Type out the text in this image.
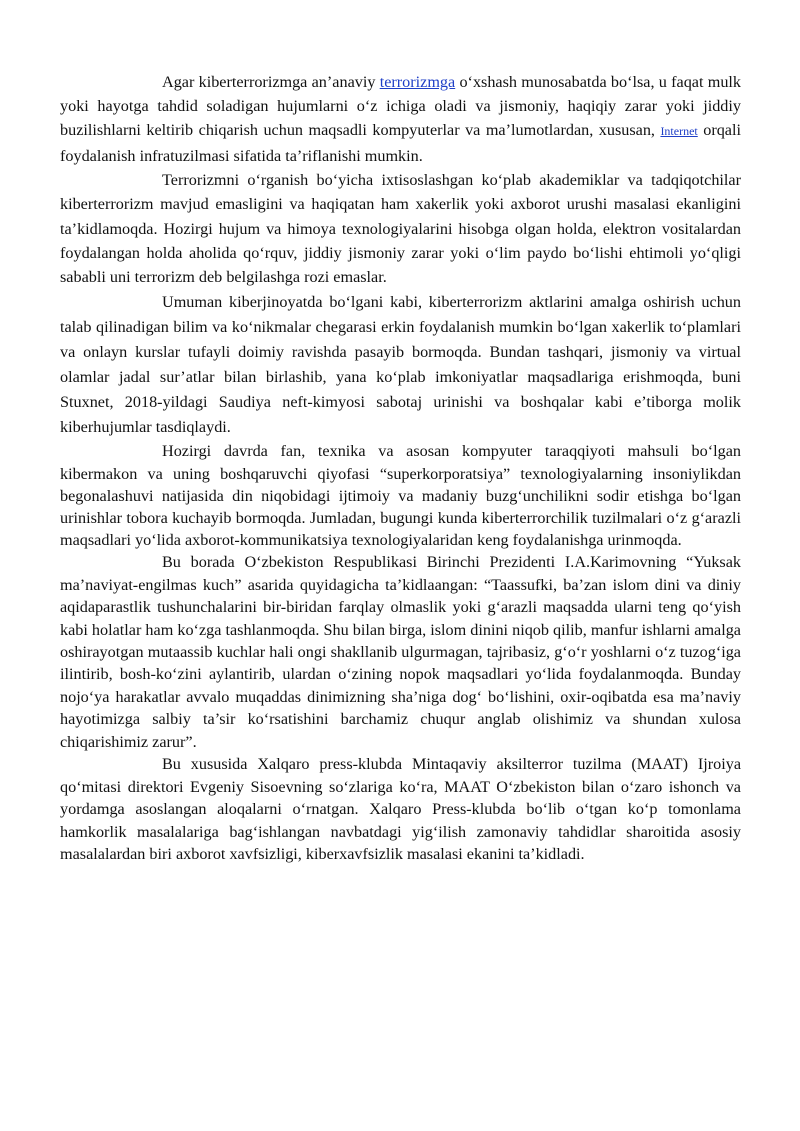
Agar kiberterrorizmga an’anaviy terrorizmga o‘xshash munosabatda bo‘lsa, u faqat mulk yoki hayotga tahdid soladigan hujumlarni o‘z ichiga oladi va jismoniy, haqiqiy zarar yoki jiddiy buzilishlarni keltirib chiqarish uchun maqsadli kompyuterlar va ma’lumotlardan, xususan, Internet orqali foydalanish infratuzilmasi sifatida ta’riflanishi mumkin.

Terrorizmni o‘rganish bo‘yicha ixtisoslashgan ko‘plab akademiklar va tadqiqotchilar kiberterrorizm mavjud emasligini va haqiqatan ham xakerlik yoki axborot urushi masalasi ekanligini ta’kidlamoqda. Hozirgi hujum va himoya texnologiyalarini hisobga olgan holda, elektron vositalardan foydalangan holda aholida qo‘rquv, jiddiy jismoniy zarar yoki o‘lim paydo bo‘lishi ehtimoli yo‘qligi sababli uni terrorizm deb belgilashga rozi emaslar.

Umuman kiberjinoyatda bo‘lgani kabi, kiberterrorizm aktlarini amalga oshirish uchun talab qilinadigan bilim va ko‘nikmalar chegarasi erkin foydalanish mumkin bo‘lgan xakerlik to‘plamlari va onlayn kurslar tufayli doimiy ravishda pasayib bormoqda. Bundan tashqari, jismoniy va virtual olamlar jadal sur’atlar bilan birlashib, yana ko‘plab imkoniyatlar maqsadlariga erishmoqda, buni Stuxnet, 2018-yildagi Saudiya neft-kimyosi sabotaj urinishi va boshqalar kabi e’tiborga molik kiberhujumlar tasdiqlaydi.

Hozirgi davrda fan, texnika va asosan kompyuter taraqqiyoti mahsuli bo‘lgan kibermakon va uning boshqaruvchi qiyofasi “superkorporatsiya” texnologiyalarning insoniylikdan begonalashuvi natijasida din niqobidagi ijtimoiy va madaniy buzg‘unchilikni sodir etishga bo‘lgan urinishlar tobora kuchayib bormoqda. Jumladan, bugungi kunda kiberterrorchilik tuzilmalari o‘z g‘arazli maqsadlari yo‘lida axborot-kommunikatsiya texnologiyalaridan keng foydalanishga urinmoqda.

Bu borada O‘zbekiston Respublikasi Birinchi Prezidenti I.A.Karimovning “Yuksak ma’naviyat-engilmas kuch” asarida quyidagicha ta’kidlaangan: “Taassufki, ba’zan islom dini va diniy aqidaparastlik tushunchalarini bir-biridan farqlay olmaslik yoki g‘arazli maqsadda ularni teng qo‘yish kabi holatlar ham ko‘zga tashlanmoqda. Shu bilan birga, islom dinini niqob qilib, manfur ishlarni amalga oshirayotgan mutaassib kuchlar hali ongi shakllanib ulgurmagan, tajribasiz, g‘o‘r yoshlarni o‘z tuzog‘iga ilintirib, bosh-ko‘zini aylantirib, ulardan o‘zining nopok maqsadlari yo‘lida foydalanmoqda. Bunday nojo‘ya harakatlar avvalo muqaddas dinimizning sha’niga dog‘ bo‘lishini, oxir-oqibatda esa ma’naviy hayotimizga salbiy ta’sir ko‘rsatishini barchamiz chuqur anglab olishimiz va shundan xulosa chiqarishimiz zarur”.

Bu xususida Xalqaro press-klubda Mintaqaviy aksilterror tuzilma (MAAT) Ijroiya qo‘mitasi direktori Evgeniy Sisoevning so‘zlariga ko‘ra, MAAT O‘zbekiston bilan o‘zaro ishonch va yordamga asoslangan aloqalarni o‘rnatgan. Xalqaro Press-klubda bo‘lib o‘tgan ko‘p tomonlama hamkorlik masalalariga bag‘ishlangan navbatdagi yig‘ilish zamonaviy tahdidlar sharoitida asosiy masalalardan biri axborot xavfsizligi, kiberxavfsizlik masalasi ekanini ta’kidladi.
